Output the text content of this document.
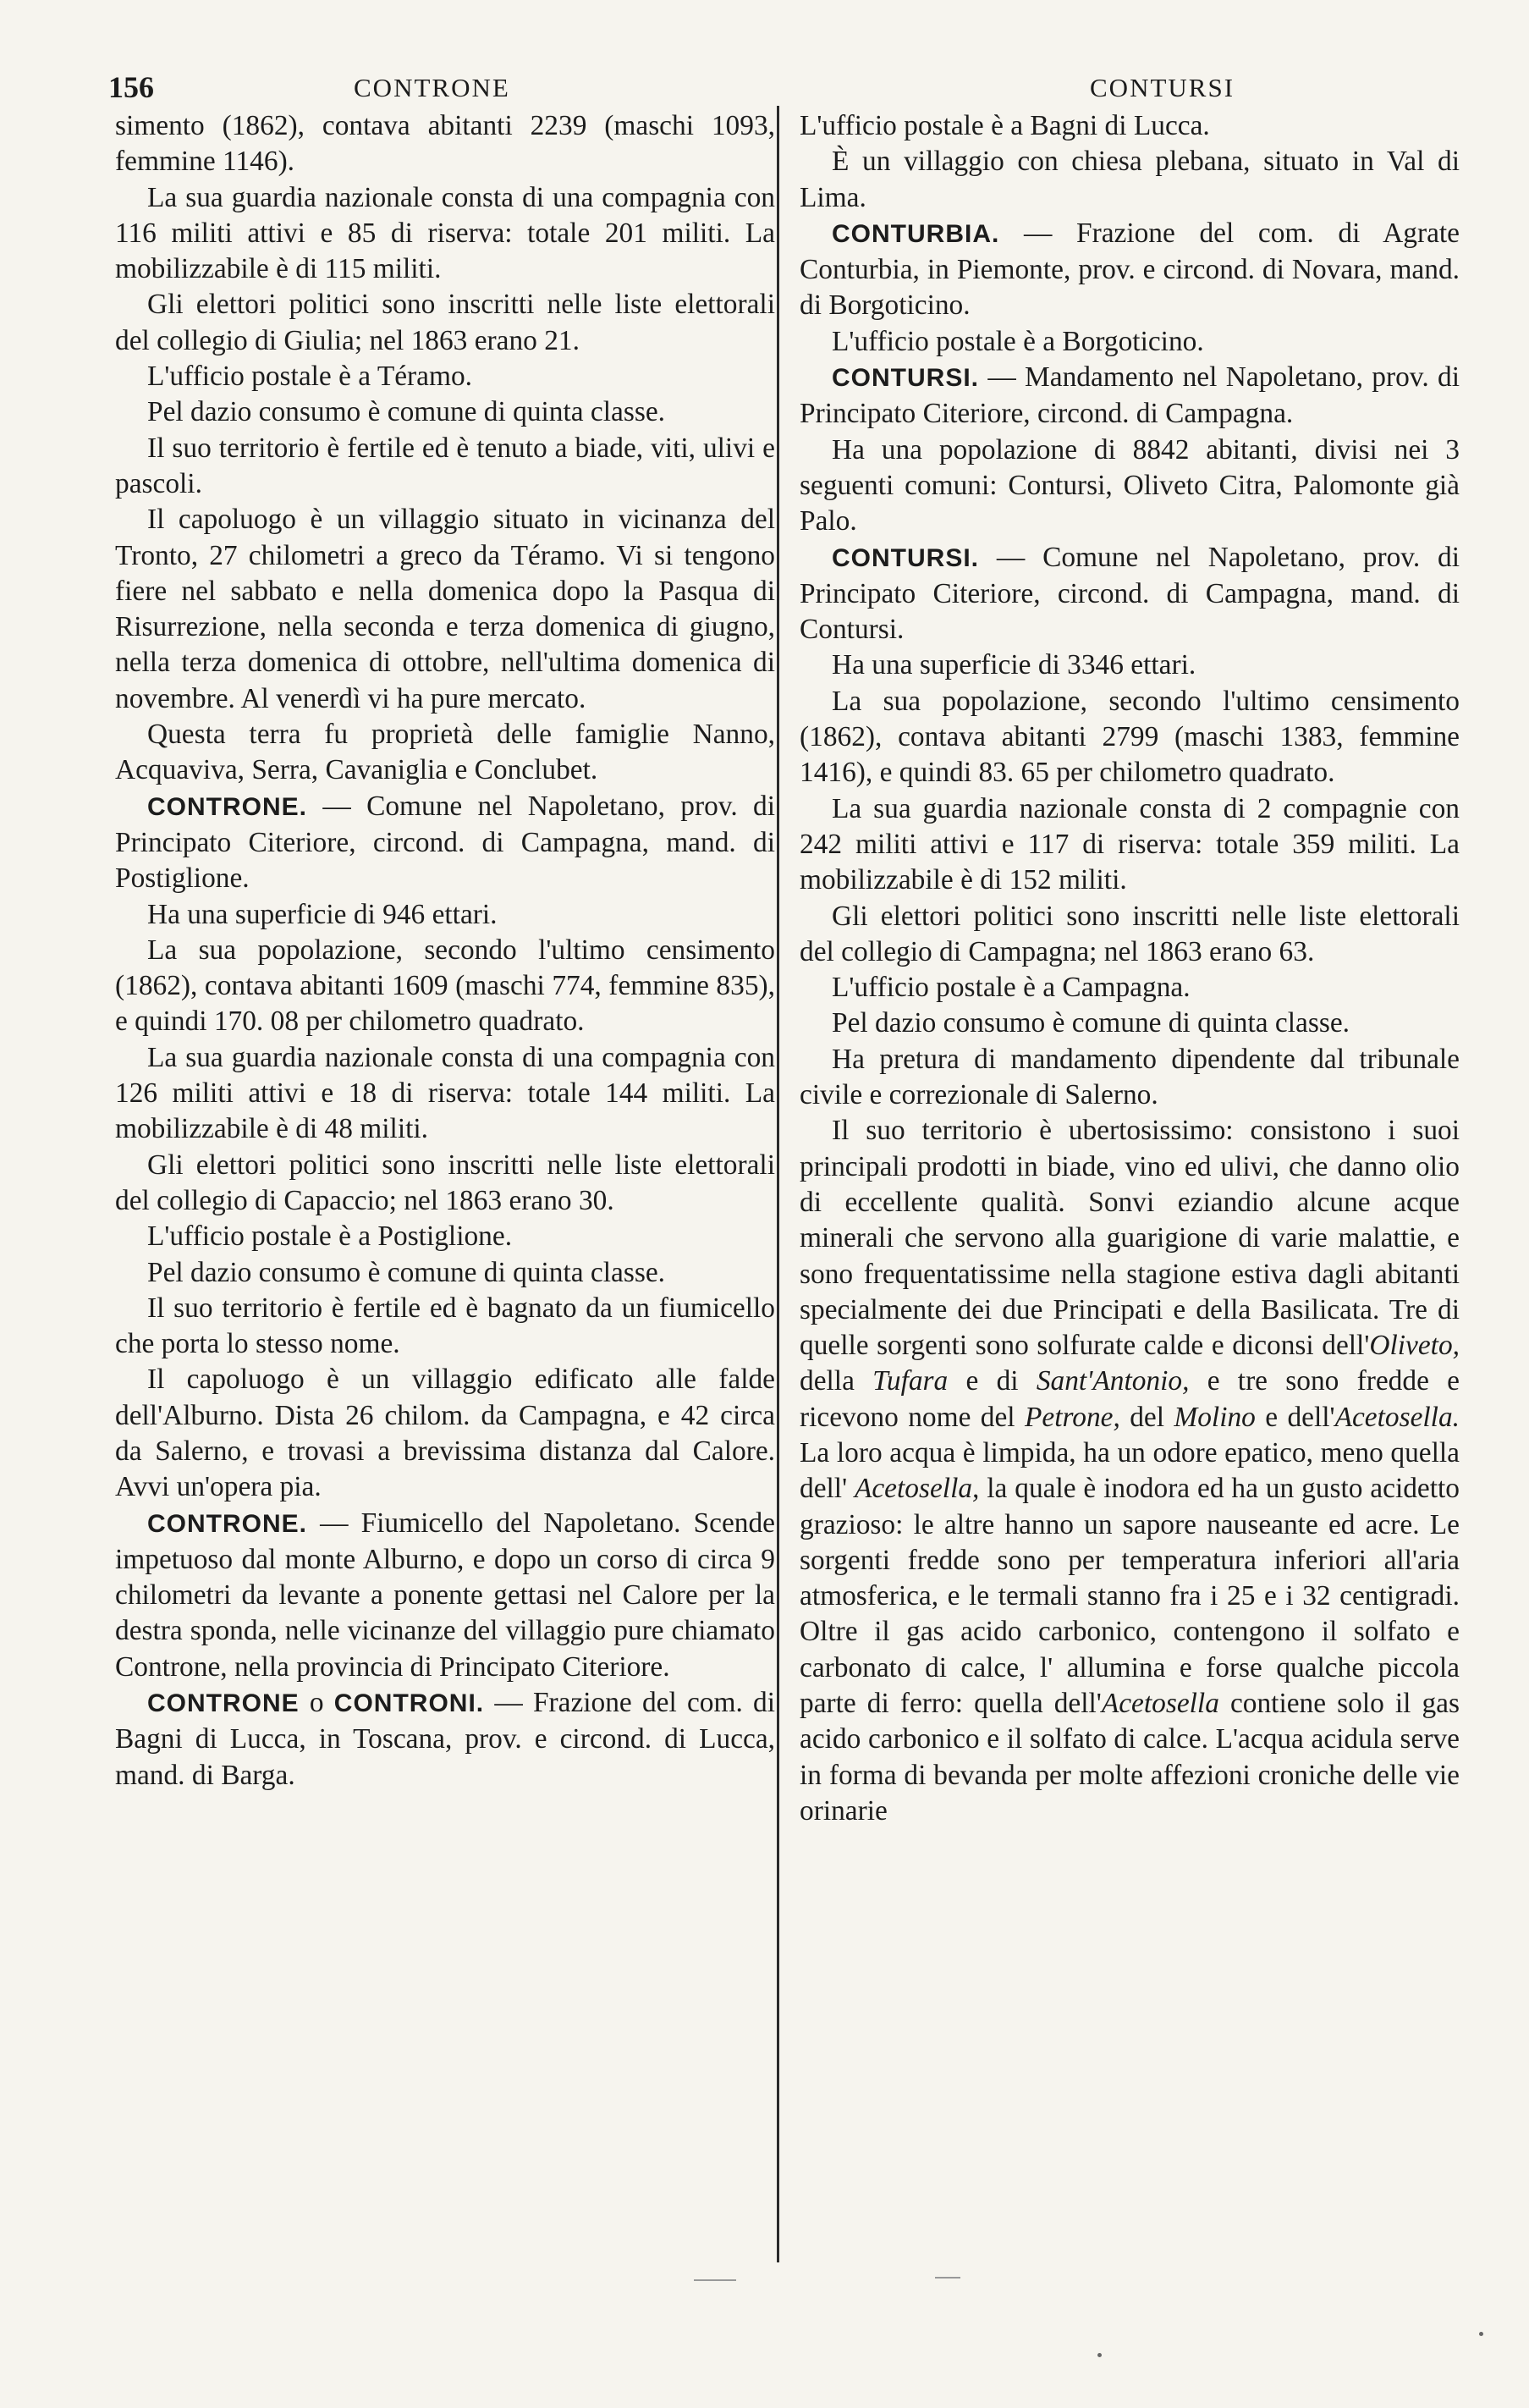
156	CONTRONE	CONTURSI

simento (1862), contava abitanti 2239 (maschi 1093, femmine 1146).

La sua guardia nazionale consta di una compagnia con 116 militi attivi e 85 di riserva: totale 201 militi. La mobilizzabile è di 115 militi.

Gli elettori politici sono inscritti nelle liste elettorali del collegio di Giulia; nel 1863 erano 21.

L'ufficio postale è a Téramo.

Pel dazio consumo è comune di quinta classe.

Il suo territorio è fertile ed è tenuto a biade, viti, ulivi e pascoli.

Il capoluogo è un villaggio situato in vicinanza del Tronto, 27 chilometri a greco da Téramo. Vi si tengono fiere nel sabbato e nella domenica dopo la Pasqua di Risurrezione, nella seconda e terza domenica di giugno, nella terza domenica di ottobre, nell'ultima domenica di novembre. Al venerdì vi ha pure mercato.

Questa terra fu proprietà delle famiglie Nanno, Acquaviva, Serra, Cavaniglia e Conclubet.

CONTRONE. — Comune nel Napoletano, prov. di Principato Citeriore, circond. di Campagna, mand. di Postiglione.

Ha una superficie di 946 ettari.

La sua popolazione, secondo l'ultimo censimento (1862), contava abitanti 1609 (maschi 774, femmine 835), e quindi 170. 08 per chilometro quadrato.

La sua guardia nazionale consta di una compagnia con 126 militi attivi e 18 di riserva: totale 144 militi. La mobilizzabile è di 48 militi.

Gli elettori politici sono inscritti nelle liste elettorali del collegio di Capaccio; nel 1863 erano 30.

L'ufficio postale è a Postiglione.

Pel dazio consumo è comune di quinta classe.

Il suo territorio è fertile ed è bagnato da un fiumicello che porta lo stesso nome.

Il capoluogo è un villaggio edificato alle falde dell'Alburno. Dista 26 chilom. da Campagna, e 42 circa da Salerno, e trovasi a brevissima distanza dal Calore. Avvi un'opera pia.

CONTRONE. — Fiumicello del Napoletano. Scende impetuoso dal monte Alburno, e dopo un corso di circa 9 chilometri da levante a ponente gettasi nel Calore per la destra sponda, nelle vicinanze del villaggio pure chiamato Controne, nella provincia di Principato Citeriore.

CONTRONE o CONTRONI. — Frazione del com. di Bagni di Lucca, in Toscana, prov. e circond. di Lucca, mand. di Barga.

L'ufficio postale è a Bagni di Lucca.

È un villaggio con chiesa plebana, situato in Val di Lima.

CONTURBIA. — Frazione del com. di Agrate Conturbia, in Piemonte, prov. e circond. di Novara, mand. di Borgoticino.

L'ufficio postale è a Borgoticino.

CONTURSI. — Mandamento nel Napoletano, prov. di Principato Citeriore, circond. di Campagna.

Ha una popolazione di 8842 abitanti, divisi nei 3 seguenti comuni: Contursi, Oliveto Citra, Palomonte già Palo.

CONTURSI. — Comune nel Napoletano, prov. di Principato Citeriore, circond. di Campagna, mand. di Contursi.

Ha una superficie di 3346 ettari.

La sua popolazione, secondo l'ultimo censimento (1862), contava abitanti 2799 (maschi 1383, femmine 1416), e quindi 83. 65 per chilometro quadrato.

La sua guardia nazionale consta di 2 compagnie con 242 militi attivi e 117 di riserva: totale 359 militi. La mobilizzabile è di 152 militi.

Gli elettori politici sono inscritti nelle liste elettorali del collegio di Campagna; nel 1863 erano 63.

L'ufficio postale è a Campagna.

Pel dazio consumo è comune di quinta classe.

Ha pretura di mandamento dipendente dal tribunale civile e correzionale di Salerno.

Il suo territorio è ubertosissimo: consistono i suoi principali prodotti in biade, vino ed ulivi, che danno olio di eccellente qualità. Sonvi eziandio alcune acque minerali che servono alla guarigione di varie malattie, e sono frequentatissime nella stagione estiva dagli abitanti specialmente dei due Principati e della Basilicata. Tre di quelle sorgenti sono solfurate calde e diconsi dell'Oliveto, della Tufara e di Sant'Antonio, e tre sono fredde e ricevono nome del Petrone, del Molino e dell'Acetosella. La loro acqua è limpida, ha un odore epatico, meno quella dell' Acetosella, la quale è inodora ed ha un gusto acidetto grazioso: le altre hanno un sapore nauseante ed acre. Le sorgenti fredde sono per temperatura inferiori all'aria atmosferica, e le termali stanno fra i 25 e i 32 centigradi. Oltre il gas acido carbonico, contengono il solfato e carbonato di calce, l' allumina e forse qualche piccola parte di ferro: quella dell'Acetosella contiene solo il gas acido carbonico e il solfato di calce. L'acqua acidula serve in forma di bevanda per molte affezioni croniche delle vie orinarie
